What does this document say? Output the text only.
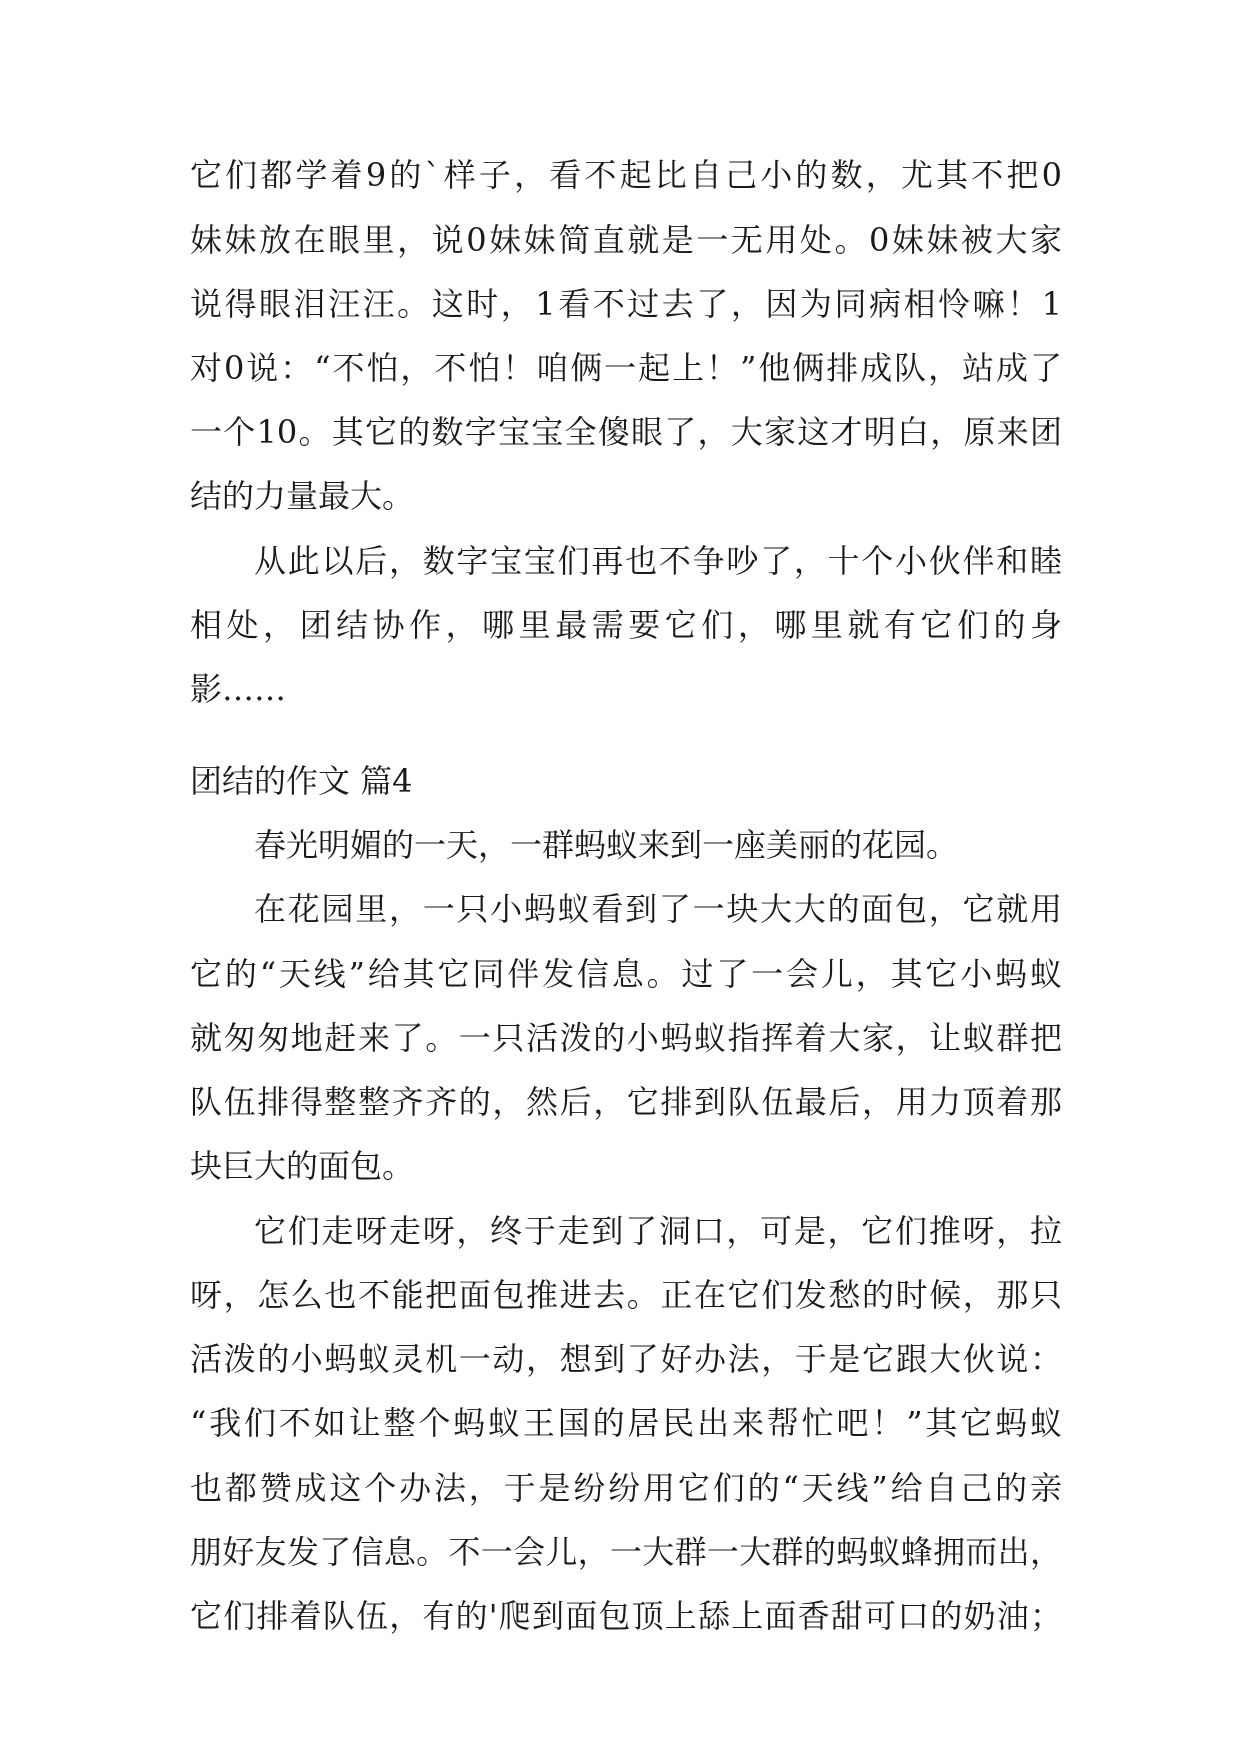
它们都学着9的`样子，看不起比自己小的数，尤其不把0
妹妹放在眼里，说0妹妹简直就是一无用处。0妹妹被大家
说得眼泪汪汪。这时，1看不过去了，因为同病相怜嘛！1
对0说：“不怕，不怕！咱俩一起上！”他俩排成队，站成了
一个10。其它的数字宝宝全傻眼了，大家这才明白，原来团
结的力量最大。
从此以后，数字宝宝们再也不争吵了，十个小伙伴和睦
相处，团结协作，哪里最需要它们，哪里就有它们的身
影……
团结的作文 篇4
春光明媚的一天，一群蚂蚁来到一座美丽的花园。
在花园里，一只小蚂蚁看到了一块大大的面包，它就用
它的“天线”给其它同伴发信息。过了一会儿，其它小蚂蚁
就匆匆地赶来了。一只活泼的小蚂蚁指挥着大家，让蚁群把
队伍排得整整齐齐的，然后，它排到队伍最后，用力顶着那
块巨大的面包。
它们走呀走呀，终于走到了洞口，可是，它们推呀，拉
呀，怎么也不能把面包推进去。正在它们发愁的时候，那只
活泼的小蚂蚁灵机一动，想到了好办法，于是它跟大伙说：
“我们不如让整个蚂蚁王国的居民出来帮忙吧！”其它蚂蚁
也都赞成这个办法，于是纷纷用它们的“天线”给自己的亲
朋好友发了信息。不一会儿，一大群一大群的蚂蚁蜂拥而出，
它们排着队伍，有的'爬到面包顶上舔上面香甜可口的奶油；
